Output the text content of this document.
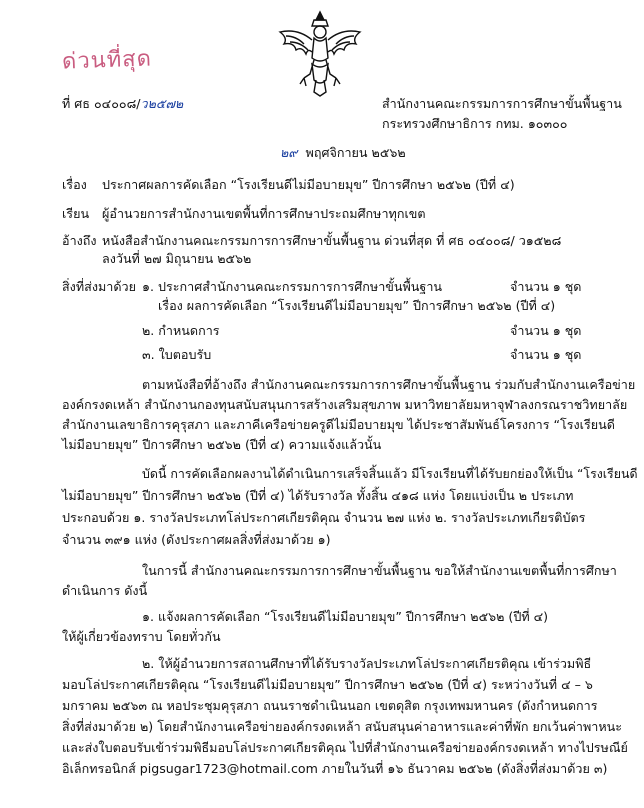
ด่วนที่สุด
ที่ ศธ ๐๔๐๐๘/ว๒๕๗๒	สำนักงานคณะกรรมการการศึกษาขั้นพื้นฐาน
กระทรวงศึกษาธิการ กทม. ๑๐๓๐๐
๒๙ พฤศจิกายน ๒๕๖๒
เรื่อง ประกาศผลการคัดเลือก “โรงเรียนดีไม่มีอบายมุข” ปีการศึกษา ๒๕๖๒ (ปีที่ ๔)
เรียน ผู้อำนวยการสำนักงานเขตพื้นที่การศึกษาประถมศึกษาทุกเขต
อ้างถึง หนังสือสำนักงานคณะกรรมการการศึกษาขั้นพื้นฐาน ด่วนที่สุด ที่ ศธ ๐๔๐๐๘/ ว๑๕๒๘
ลงวันที่ ๒๗ มิถุนายน ๒๕๖๒
สิ่งที่ส่งมาด้วย ๑. ประกาศสำนักงานคณะกรรมการการศึกษาขั้นพื้นฐาน	จำนวน ๑ ชุด
เรื่อง ผลการคัดเลือก “โรงเรียนดีไม่มีอบายมุข” ปีการศึกษา ๒๕๖๒ (ปีที่ ๔)
๒. กำหนดการ	จำนวน ๑ ชุด
๓. ใบตอบรับ	จำนวน ๑ ชุด
ตามหนังสือที่อ้างถึง สำนักงานคณะกรรมการการศึกษาขั้นพื้นฐาน ร่วมกับสำนักงานเครือข่าย
องค์กรงดเหล้า สำนักงานกองทุนสนับสนุนการสร้างเสริมสุขภาพ มหาวิทยาลัยมหาจุฬาลงกรณราชวิทยาลัย
สำนักงานเลขาธิการคุรุสภา และภาคีเครือข่ายครูดีไม่มีอบายมุข ได้ประชาสัมพันธ์โครงการ “โรงเรียนดี
ไม่มีอบายมุข” ปีการศึกษา ๒๕๖๒ (ปีที่ ๔) ความแจ้งแล้วนั้น
บัดนี้ การคัดเลือกผลงานได้ดำเนินการเสร็จสิ้นแล้ว มีโรงเรียนที่ได้รับยกย่องให้เป็น “โรงเรียนดี
ไม่มีอบายมุข” ปีการศึกษา ๒๕๖๒ (ปีที่ ๔) ได้รับรางวัล ทั้งสิ้น ๔๑๘ แห่ง โดยแบ่งเป็น ๒ ประเภท
ประกอบด้วย ๑. รางวัลประเภทโล่ประกาศเกียรติคุณ จำนวน ๒๗ แห่ง ๒. รางวัลประเภทเกียรติบัตร
จำนวน ๓๙๑ แห่ง (ดังประกาศผลสิ่งที่ส่งมาด้วย ๑)
ในการนี้ สำนักงานคณะกรรมการการศึกษาขั้นพื้นฐาน ขอให้สำนักงานเขตพื้นที่การศึกษา
ดำเนินการ ดังนี้
๑. แจ้งผลการคัดเลือก “โรงเรียนดีไม่มีอบายมุข” ปีการศึกษา ๒๕๖๒ (ปีที่ ๔)
ให้ผู้เกี่ยวข้องทราบ โดยทั่วกัน
๒. ให้ผู้อำนวยการสถานศึกษาที่ได้รับรางวัลประเภทโล่ประกาศเกียรติคุณ เข้าร่วมพิธี
มอบโล่ประกาศเกียรติคุณ “โรงเรียนดีไม่มีอบายมุข” ปีการศึกษา ๒๕๖๒ (ปีที่ ๔) ระหว่างวันที่ ๔ – ๖
มกราคม ๒๕๖๓ ณ หอประชุมคุรุสภา ถนนราชดำเนินนอก เขตดุสิต กรุงเทพมหานคร (ดังกำหนดการ
สิ่งที่ส่งมาด้วย ๒) โดยสำนักงานเครือข่ายองค์กรงดเหล้า สนับสนุนค่าอาหารและค่าที่พัก ยกเว้นค่าพาหนะ
และส่งใบตอบรับเข้าร่วมพิธีมอบโล่ประกาศเกียรติคุณ ไปที่สำนักงานเครือข่ายองค์กรงดเหล้า ทางไปรษณีย์
อิเล็กทรอนิกส์ pigsugar1723@hotmail.com ภายในวันที่ ๑๖ ธันวาคม ๒๕๖๒ (ดังสิ่งที่ส่งมาด้วย ๓)
